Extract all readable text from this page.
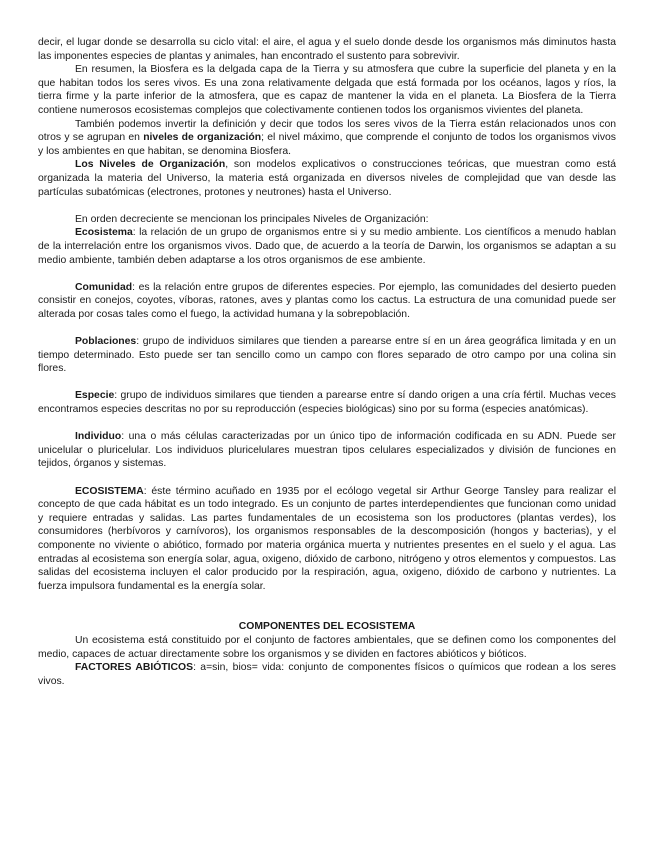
decir, el lugar donde se desarrolla su ciclo vital: el aire, el agua y el suelo donde desde los organismos más diminutos hasta las imponentes especies de plantas y animales, han encontrado el sustento para sobrevivir.

En resumen, la Biosfera es la delgada capa de la Tierra y su atmosfera que cubre la superficie del planeta y en la que habitan todos los seres vivos. Es una zona relativamente delgada que está formada por los océanos, lagos y ríos, la tierra firme y la parte inferior de la atmosfera, que es capaz de mantener la vida en el planeta. La Biosfera de la Tierra contiene numerosos ecosistemas complejos que colectivamente contienen todos los organismos vivientes del planeta.

También podemos invertir la definición y decir que todos los seres vivos de la Tierra están relacionados unos con otros y se agrupan en niveles de organización; el nivel máximo, que comprende el conjunto de todos los organismos vivos y los ambientes en que habitan, se denomina Biosfera.

Los Niveles de Organización, son modelos explicativos o construcciones teóricas, que muestran como está organizada la materia del Universo, la materia está organizada en diversos niveles de complejidad que van desde las partículas subatómicas (electrones, protones y neutrones) hasta el Universo.

En orden decreciente se mencionan los principales Niveles de Organización:

Ecosistema: la relación de un grupo de organismos entre si y su medio ambiente. Los científicos a menudo hablan de la interrelación entre los organismos vivos. Dado que, de acuerdo a la teoría de Darwin, los organismos se adaptan a su medio ambiente, también deben adaptarse a los otros organismos de ese ambiente.

Comunidad: es la relación entre grupos de diferentes especies. Por ejemplo, las comunidades del desierto pueden consistir en conejos, coyotes, víboras, ratones, aves y plantas como los cactus. La estructura de una comunidad puede ser alterada por cosas tales como el fuego, la actividad humana y la sobrepoblación.

Poblaciones: grupo de individuos similares que tienden a parearse entre sí en un área geográfica limitada y en un tiempo determinado. Esto puede ser tan sencillo como un campo con flores separado de otro campo por una colina sin flores.

Especie: grupo de individuos similares que tienden a parearse entre sí dando origen a una cría fértil. Muchas veces encontramos especies descritas no por su reproducción (especies biológicas) sino por su forma (especies anatómicas).

Individuo: una o más células caracterizadas por un único tipo de información codificada en su ADN. Puede ser unicelular o pluricelular. Los individuos pluricelulares muestran tipos celulares especializados y división de funciones en tejidos, órganos y sistemas.

ECOSISTEMA: éste término acuñado en 1935 por el ecólogo vegetal sir Arthur George Tansley para realizar el concepto de que cada hábitat es un todo integrado. Es un conjunto de partes interdependientes que funcionan como unidad y requiere entradas y salidas. Las partes fundamentales de un ecosistema son los productores (plantas verdes), los consumidores (herbívoros y carnívoros), los organismos responsables de la descomposición (hongos y bacterias), y el componente no viviente o abiótico, formado por materia orgánica muerta y nutrientes presentes en el suelo y el agua. Las entradas al ecosistema son energía solar, agua, oxigeno, dióxido de carbono, nitrógeno y otros elementos y compuestos. Las salidas del ecosistema incluyen el calor producido por la respiración, agua, oxigeno, dióxido de carbono y nutrientes. La fuerza impulsora fundamental es la energía solar.

COMPONENTES DEL ECOSISTEMA

Un ecosistema está constituido por el conjunto de factores ambientales, que se definen como los componentes del medio, capaces de actuar directamente sobre los organismos y se dividen en factores abióticos y bióticos.

FACTORES ABIÓTICOS: a=sin, bios= vida: conjunto de componentes físicos o químicos que rodean a los seres vivos.
